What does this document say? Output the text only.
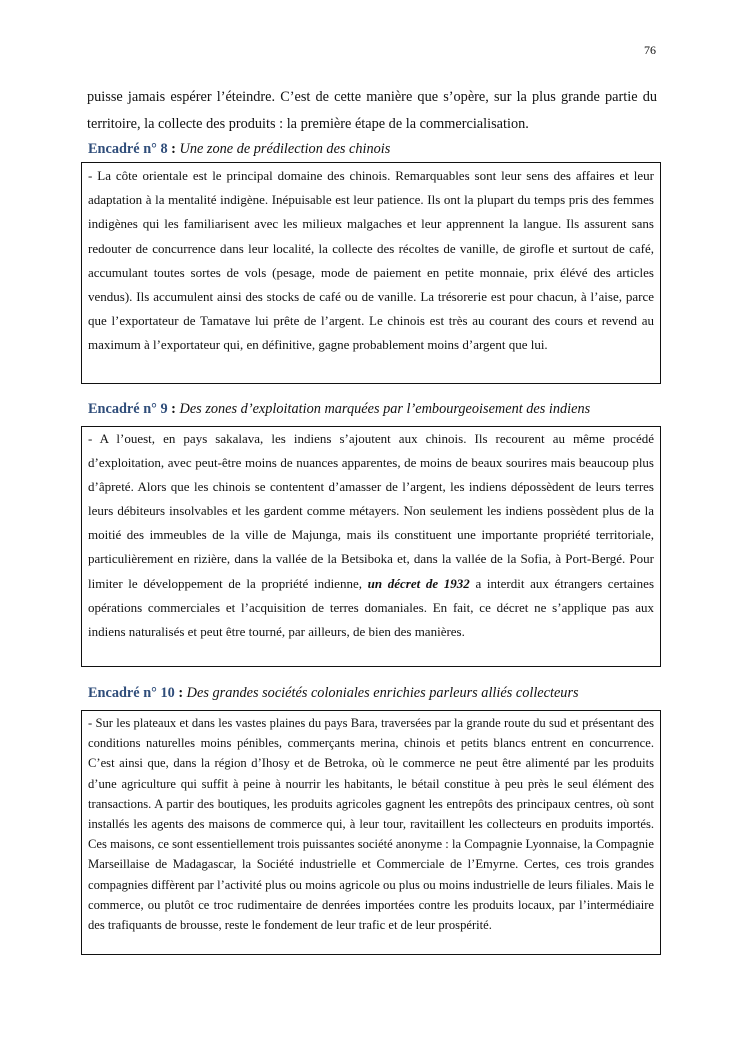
76

puisse jamais espérer l’éteindre. C’est de cette manière que s’opère, sur la plus grande partie du territoire, la collecte des produits : la première étape de la commercialisation.

Encadré n° 8 : Une zone de prédilection des chinois

- La côte orientale est le principal domaine des chinois. Remarquables sont leur sens des affaires et leur adaptation à la mentalité indigène. Inépuisable est leur patience. Ils ont la plupart du temps pris des femmes indigènes qui les familiarisent avec les milieux malgaches et leur apprennent la langue. Ils assurent sans redouter de concurrence dans leur localité, la collecte des récoltes de vanille, de girofle et surtout de café, accumulant toutes sortes de vols (pesage, mode de paiement en petite monnaie, prix élévé des articles vendus). Ils accumulent ainsi des stocks de café ou de vanille. La trésorerie est pour chacun, à l’aise, parce que l’exportateur de Tamatave lui prête de l’argent. Le chinois est très au courant des cours et revend au maximum à l’exportateur qui, en définitive, gagne probablement moins d’argent que lui.

Encadré n° 9 : Des zones d’exploitation marquées par l’embourgeoisement des indiens

- A l’ouest, en pays sakalava, les indiens s’ajoutent aux chinois. Ils recourent au même procédé d’exploitation, avec peut-être moins de nuances apparentes, de moins de beaux sourires mais beaucoup plus d’âpreté. Alors que les chinois se contentent d’amasser de l’argent, les indiens dépossèdent de leurs terres leurs débiteurs insolvables et les gardent comme métayers. Non seulement les indiens possèdent plus de la moitié des immeubles de la ville de Majunga, mais ils constituent une importante propriété territoriale, particulièrement en rizière, dans la vallée de la Betsiboka et, dans la vallée de la Sofia, à Port-Bergé. Pour limiter le développement de la propriété indienne, un décret de 1932 a interdit aux étrangers certaines opérations commerciales et l’acquisition de terres domaniales. En fait, ce décret ne s’applique pas aux indiens naturalisés et peut être tourné, par ailleurs, de bien des manières.

Encadré n° 10 : Des grandes sociétés coloniales enrichies parleurs alliés collecteurs

- Sur les plateaux et dans les vastes plaines du pays Bara, traversées par la grande route du sud et présentant des conditions naturelles moins pénibles, commerçants merina, chinois et petits blancs entrent en concurrence. C’est ainsi que, dans la région d’Ihosy et de Betroka, où le commerce ne peut être alimenté par les produits d’une agriculture qui suffit à peine à nourrir les habitants, le bétail constitue à peu près le seul élément des transactions. A partir des boutiques, les produits agricoles gagnent les entrepôts des principaux centres, où sont installés les agents des maisons de commerce qui, à leur tour, ravitaillent les collecteurs en produits importés. Ces maisons, ce sont essentiellement trois puissantes société anonyme : la Compagnie Lyonnaise, la Compagnie Marseillaise de Madagascar, la Société industrielle et Commerciale de l’Emyrne. Certes, ces trois grandes compagnies diffèrent par l’activité plus ou moins agricole ou plus ou moins industrielle de leurs filiales. Mais le commerce, ou plutôt ce troc rudimentaire de denrées importées contre les produits locaux, par l’intermédiaire des trafiquants de brousse, reste le fondement de leur trafic et de leur prospérité.
